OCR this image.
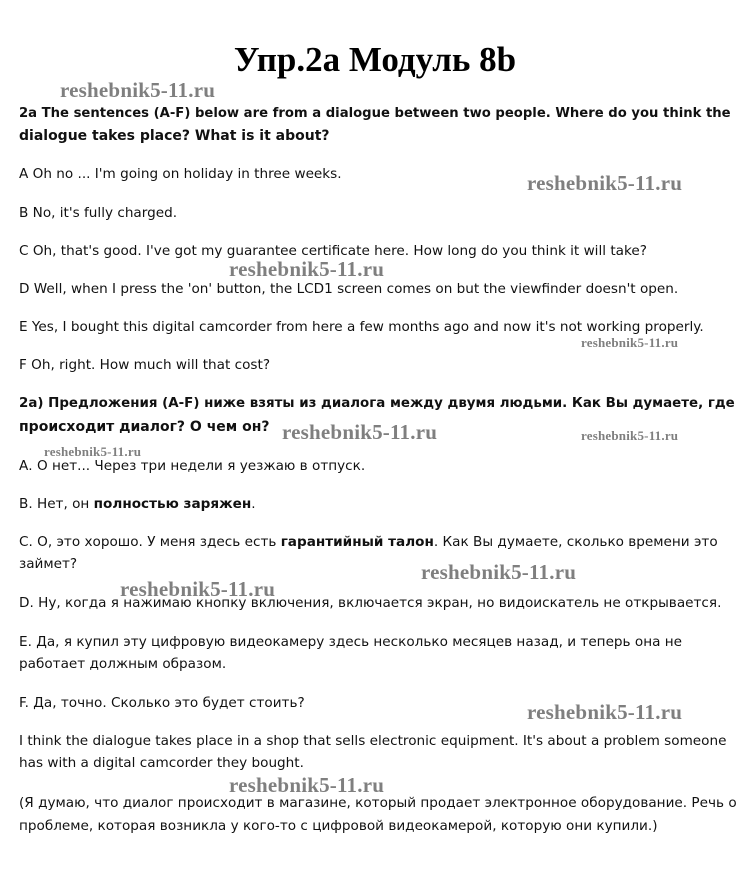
Упр.2а Модуль 8b
reshebnik5-11.ru
reshebnik5-11.ru
reshebnik5-11.ru
reshebnik5-11.ru
reshebnik5-11.ru	reshebnik5-11.ru
reshebnik5-11.ru
reshebnik5-11.ru
reshebnik5-11.ru
reshebnik5-11.ru
reshebnik5-11.ru
2a The sentences (A-F) below are from a dialogue between two people. Where do you think the
dialogue takes place? What is it about?
A Oh no ... I'm going on holiday in three weeks.
B No, it's fully charged.
C Oh, that's good. I've got my guarantee certificate here. How long do you think it will take?
D Well, when I press the 'on' button, the LCD1 screen comes on but the viewfinder doesn't open.
E Yes, I bought this digital camcorder from here a few months ago and now it's not working properly.
F Oh, right. How much will that cost?
2а) Предложения (A-F) ниже взяты из диалога между двумя людьми. Как Вы думаете, где
происходит диалог? О чем он?
А. О нет... Через три недели я уезжаю в отпуск.
В. Нет, он полностью заряжен.
С. О, это хорошо. У меня здесь есть гарантийный талон. Как Вы думаете, сколько времени это
займет?
D. Ну, когда я нажимаю кнопку включения, включается экран, но видоискатель не открывается.
Е. Да, я купил эту цифровую видеокамеру здесь несколько месяцев назад, и теперь она не
работает должным образом.
F. Да, точно. Сколько это будет стоить?
I think the dialogue takes place in a shop that sells electronic equipment. It's about a problem someone
has with a digital camcorder they bought.
(Я думаю, что диалог происходит в магазине, который продает электронное оборудование. Речь о
проблеме, которая возникла у кого-то с цифровой видеокамерой, которую они купили.)
